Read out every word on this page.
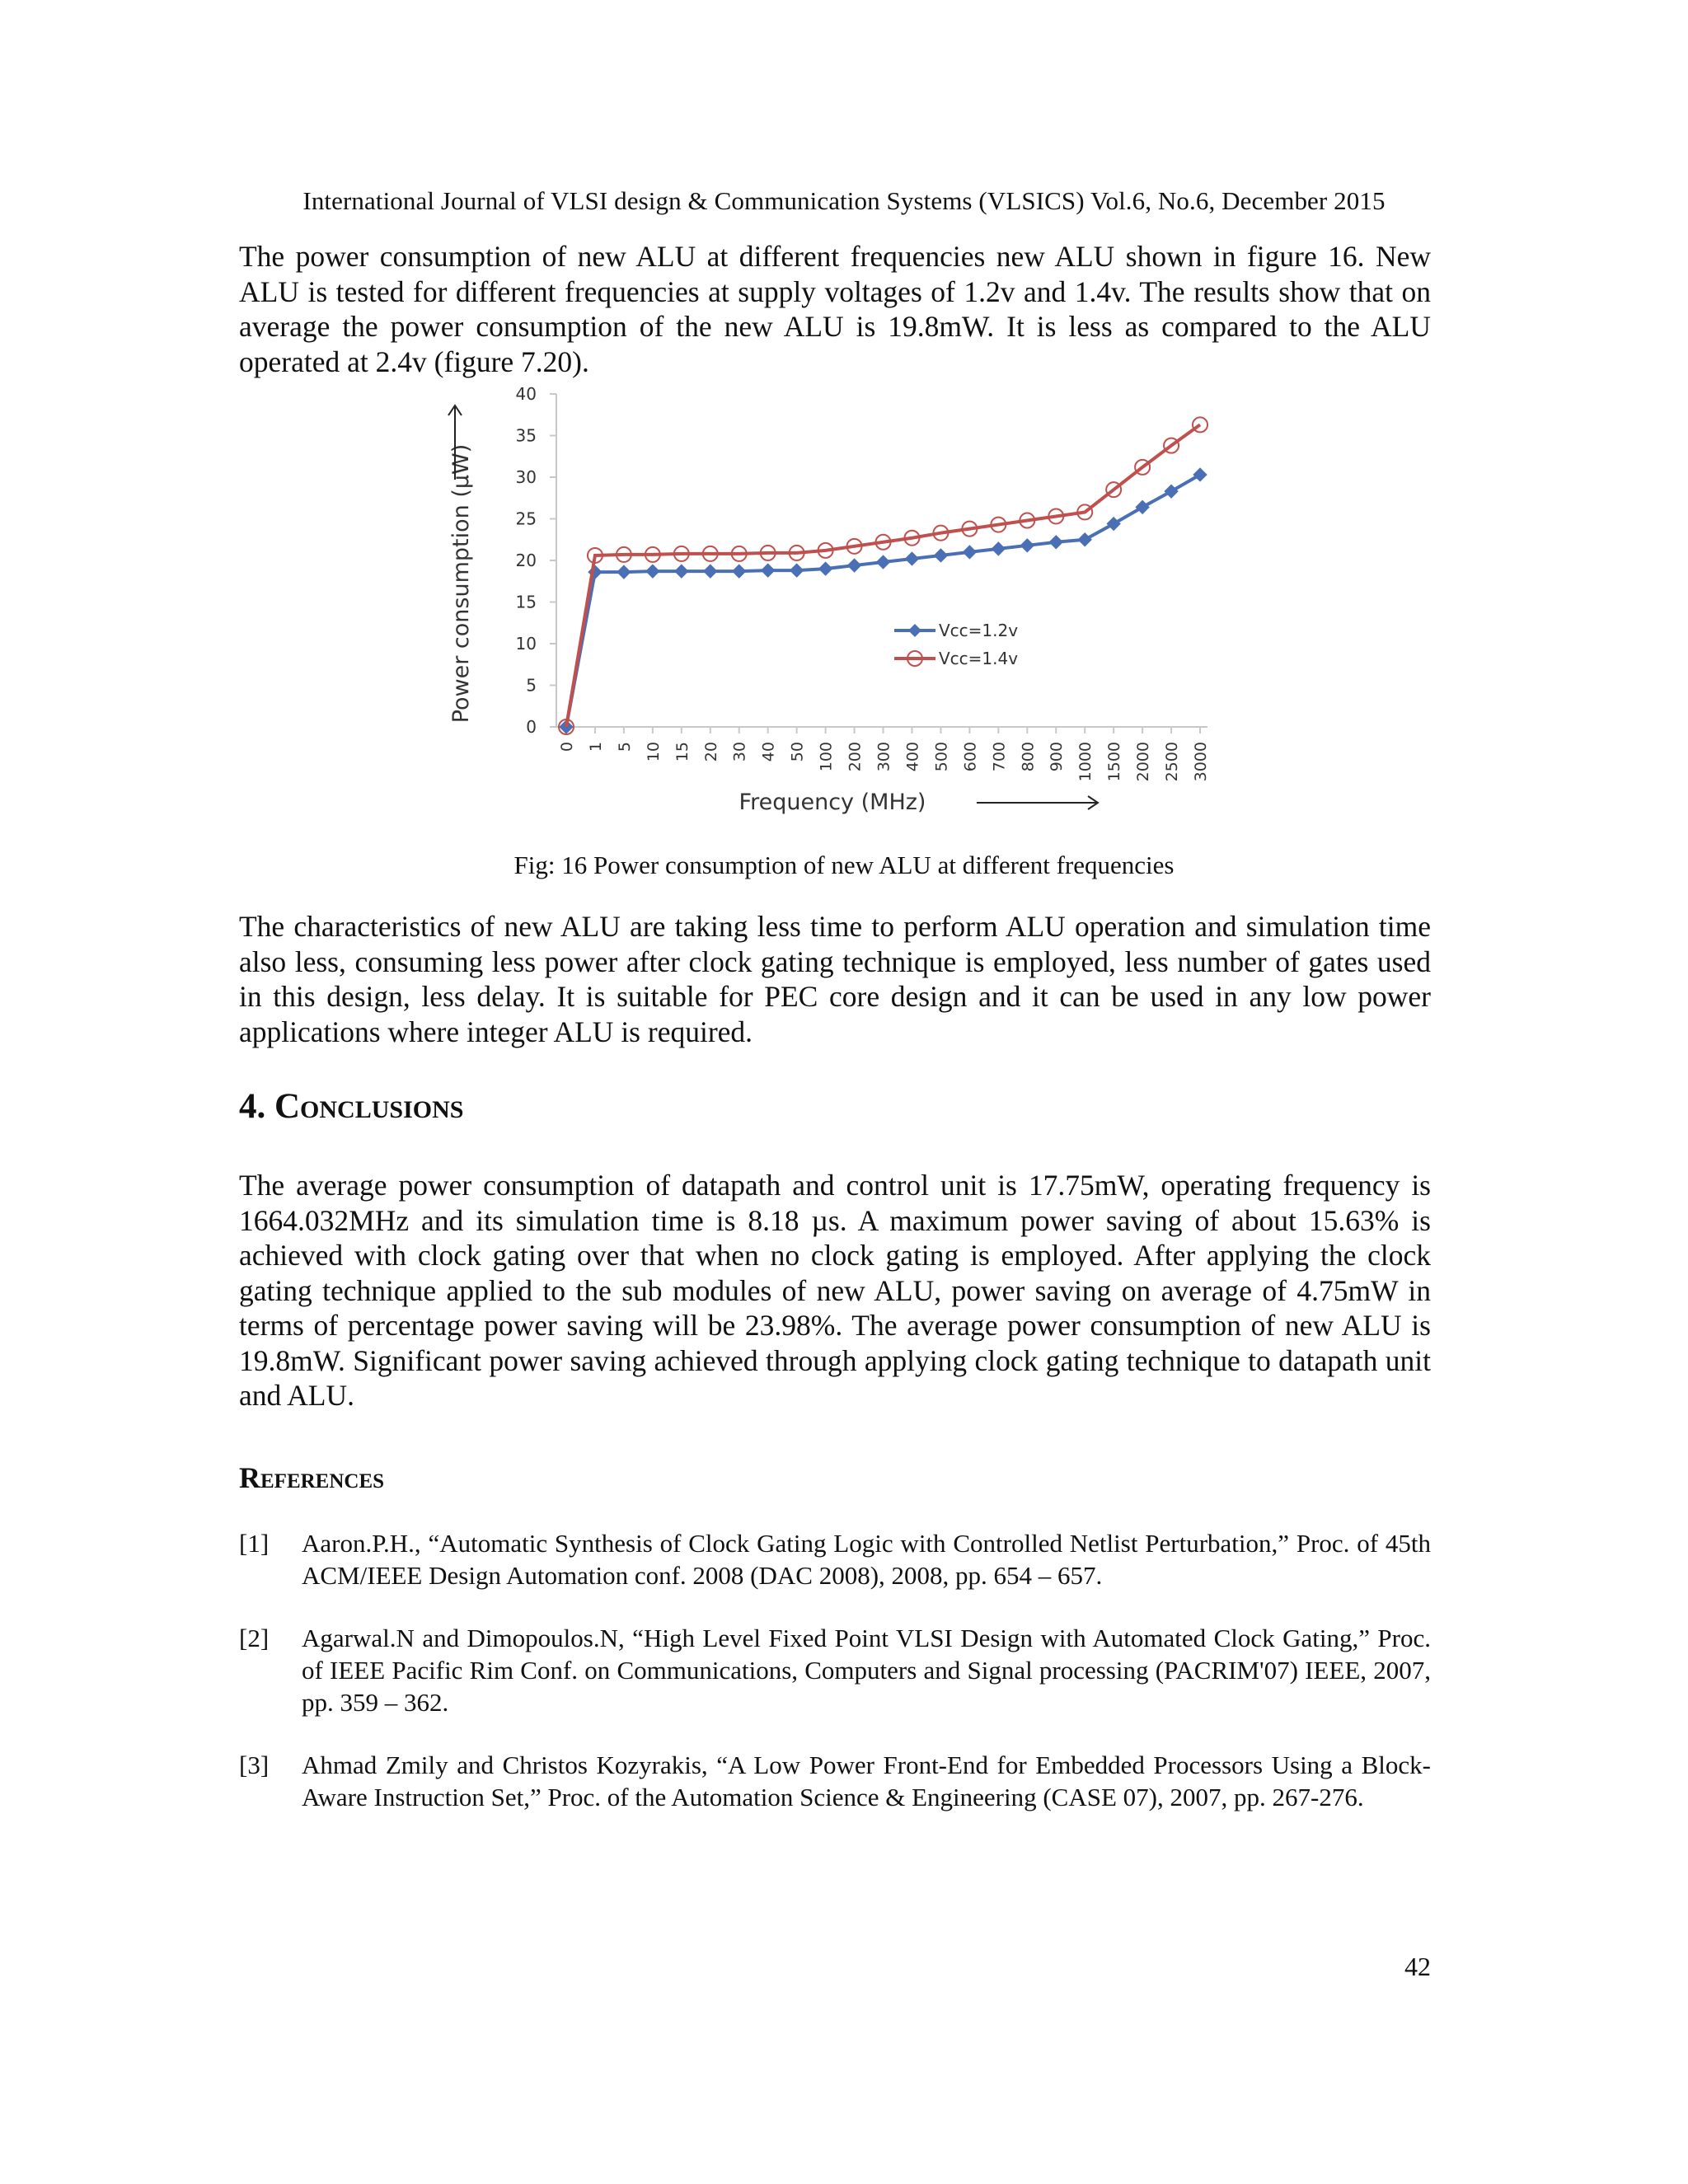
International Journal of VLSI design & Communication Systems (VLSICS) Vol.6, No.6, December 2015

The power consumption of new ALU at different frequencies new ALU shown in figure 16. New ALU is tested for different frequencies at supply voltages of 1.2v and 1.4v. The results show that on average the power consumption of the new ALU is 19.8mW. It is less as compared to the ALU operated at 2.4v (figure 7.20).

0
5
10
15
20
25
30
35
40
0 1 5 10 15 20 30 40 50 100 200 300 400 500 600 700 800 900 1000 1500 2000 2500 3000
Vcc=1.2v
Vcc=1.4v
Power consumption (µW)
Frequency (MHz)
Fig: 16 Power consumption of new ALU at different frequencies

The characteristics of new ALU are taking less time to perform ALU operation and simulation time also less, consuming less power after clock gating technique is employed, less number of gates used in this design, less delay. It is suitable for PEC core design and it can be used in any low power applications where integer ALU is required.

4. Conclusions

The average power consumption of datapath and control unit is 17.75mW, operating frequency is 1664.032MHz and its simulation time is 8.18 µs. A maximum power saving of about 15.63% is achieved with clock gating over that when no clock gating is employed. After applying the clock gating technique applied to the sub modules of new ALU, power saving on average of 4.75mW in terms of percentage power saving will be 23.98%. The average power consumption of new ALU is 19.8mW. Significant power saving achieved through applying clock gating technique to datapath unit and ALU.

References
[1] Aaron.P.H., “Automatic Synthesis of Clock Gating Logic with Controlled Netlist Perturbation,” Proc. of 45th ACM/IEEE Design Automation conf. 2008 (DAC 2008), 2008, pp. 654 – 657.
[2] Agarwal.N and Dimopoulos.N, “High Level Fixed Point VLSI Design with Automated Clock Gating,” Proc. of IEEE Pacific Rim Conf. on Communications, Computers and Signal processing (PACRIM'07) IEEE, 2007, pp. 359 – 362.
[3] Ahmad Zmily and Christos Kozyrakis, “A Low Power Front-End for Embedded Processors Using a Block-Aware Instruction Set,” Proc. of the Automation Science & Engineering (CASE 07), 2007, pp. 267-276.
42
